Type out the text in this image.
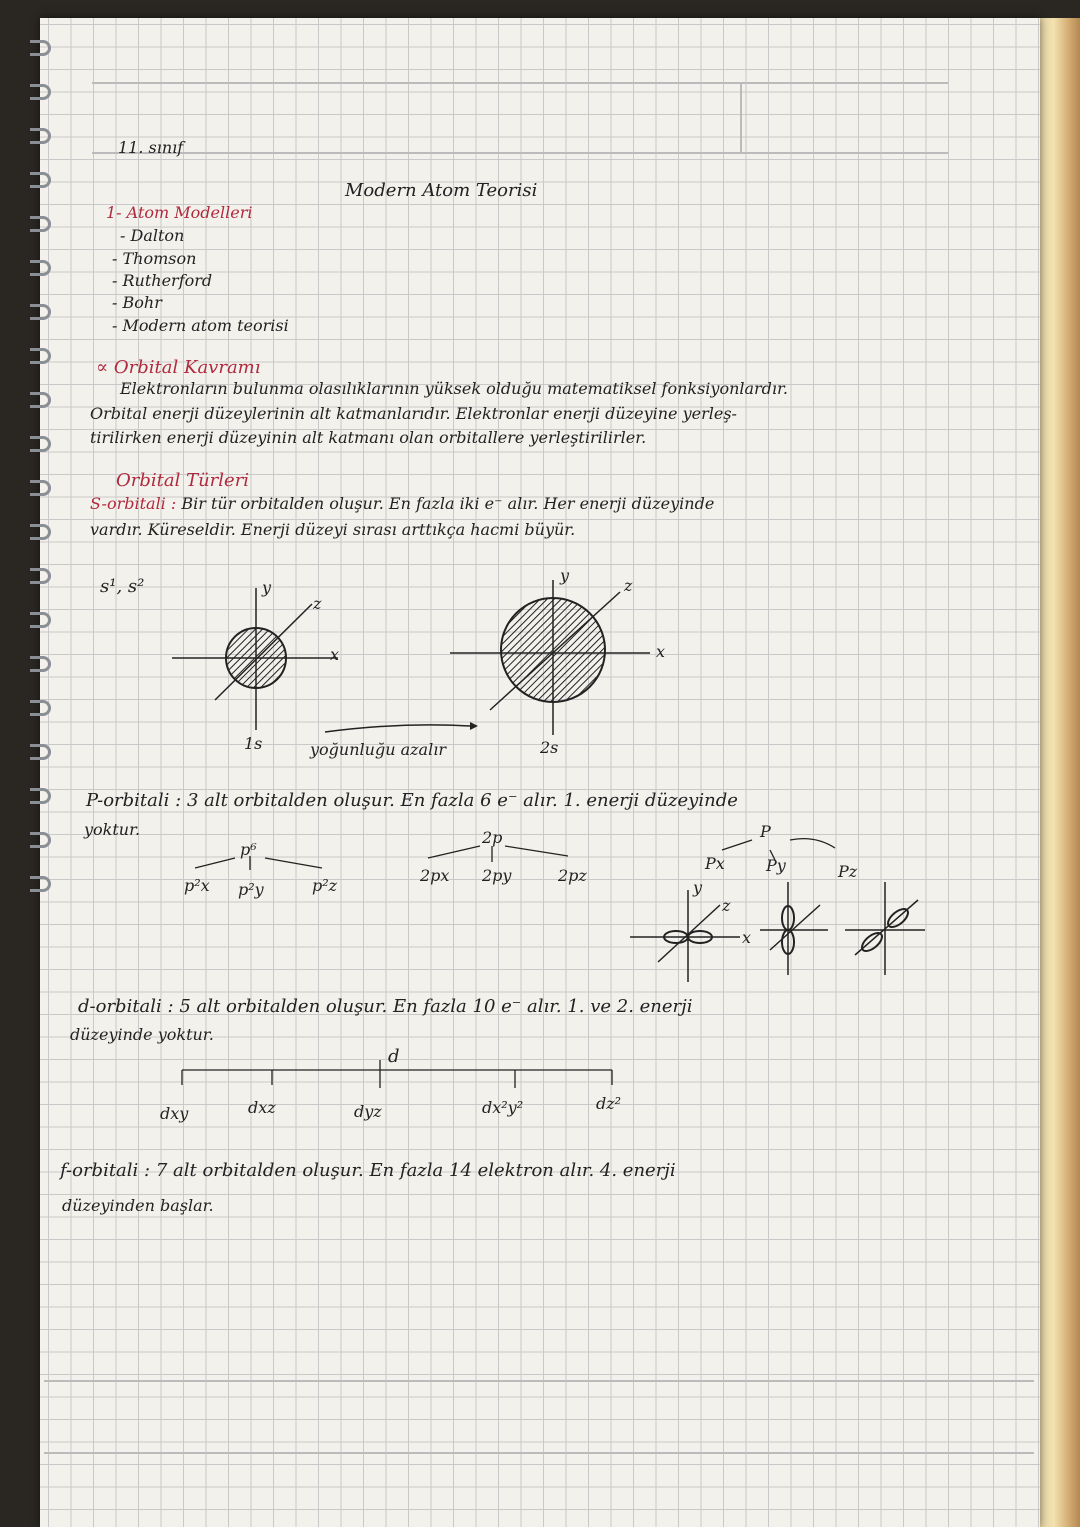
11. sınıf
Modern Atom Teorisi
1- Atom Modelleri
- Dalton
- Thomson
- Rutherford
- Bohr
- Modern atom teorisi
∝ Orbital Kavramı
Elektronların bulunma olasılıklarının yüksek olduğu matematiksel fonksiyonlardır.
Orbital enerji düzeylerinin alt katmanlarıdır. Elektronlar enerji düzeyine yerleş-
tirilirken enerji düzeyinin alt katmanı olan orbitallere yerleştirilirler.
Orbital Türleri
S-orbitali : Bir tür orbitalden oluşur. En fazla iki e⁻ alır. Her enerji düzeyinde
vardır. Küreseldir. Enerji düzeyi sırası arttıkça hacmi büyür.
s¹, s²	y
z
x
y
z
x
1s	2s
yoğunluğu azalır
P-orbitali : 3 alt orbitalden oluşur. En fazla 6 e⁻ alır. 1. enerji düzeyinde
yoktur.
p⁶
p²x p²y	p²z
2p
2px 2py	2pz
P
Px	Py	Pz
y
z
x
d-orbitali : 5 alt orbitalden oluşur. En fazla 10 e⁻ alır. 1. ve 2. enerji
düzeyinde yoktur.
d
dxy	dxz	dyz	dx²y²	dz²
f-orbitali : 7 alt orbitalden oluşur. En fazla 14 elektron alır. 4. enerji
düzeyinden başlar.
